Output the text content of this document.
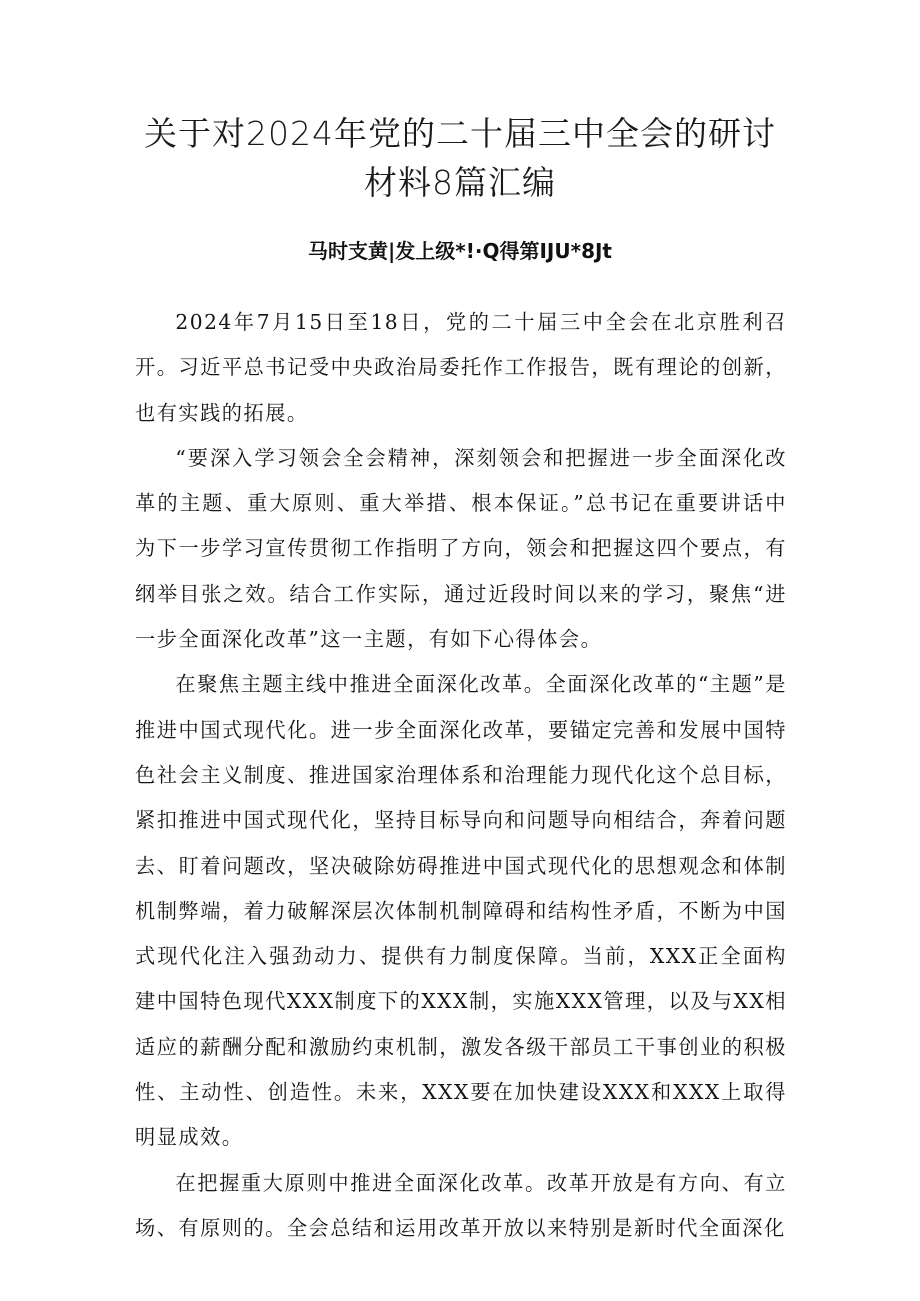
关于对2024年党的二十届三中全会的研讨
材料8篇汇编
马时支黄|发上级*!·Q得第IJU*8Jt

2024年7月15日至18日，党的二十届三中全会在北京胜利召开。习近平总书记受中央政治局委托作工作报告，既有理论的创新，也有实践的拓展。

“要深入学习领会全会精神，深刻领会和把握进一步全面深化改革的主题、重大原则、重大举措、根本保证。”总书记在重要讲话中为下一步学习宣传贯彻工作指明了方向，领会和把握这四个要点，有纲举目张之效。结合工作实际，通过近段时间以来的学习，聚焦“进一步全面深化改革”这一主题，有如下心得体会。

在聚焦主题主线中推进全面深化改革。全面深化改革的“主题”是推进中国式现代化。进一步全面深化改革，要锚定完善和发展中国特色社会主义制度、推进国家治理体系和治理能力现代化这个总目标，紧扣推进中国式现代化，坚持目标导向和问题导向相结合，奔着问题去、盯着问题改，坚决破除妨碍推进中国式现代化的思想观念和体制机制弊端，着力破解深层次体制机制障碍和结构性矛盾，不断为中国式现代化注入强劲动力、提供有力制度保障。当前，XXX正全面构建中国特色现代XXX制度下的XXX制，实施XXX管理，以及与XX相适应的薪酬分配和激励约束机制，激发各级干部员工干事创业的积极性、主动性、创造性。未来，XXX要在加快建设XXX和XXX上取得明显成效。

在把握重大原则中推进全面深化改革。改革开放是有方向、有立场、有原则的。全会总结和运用改革开放以来特别是新时代全面深化
